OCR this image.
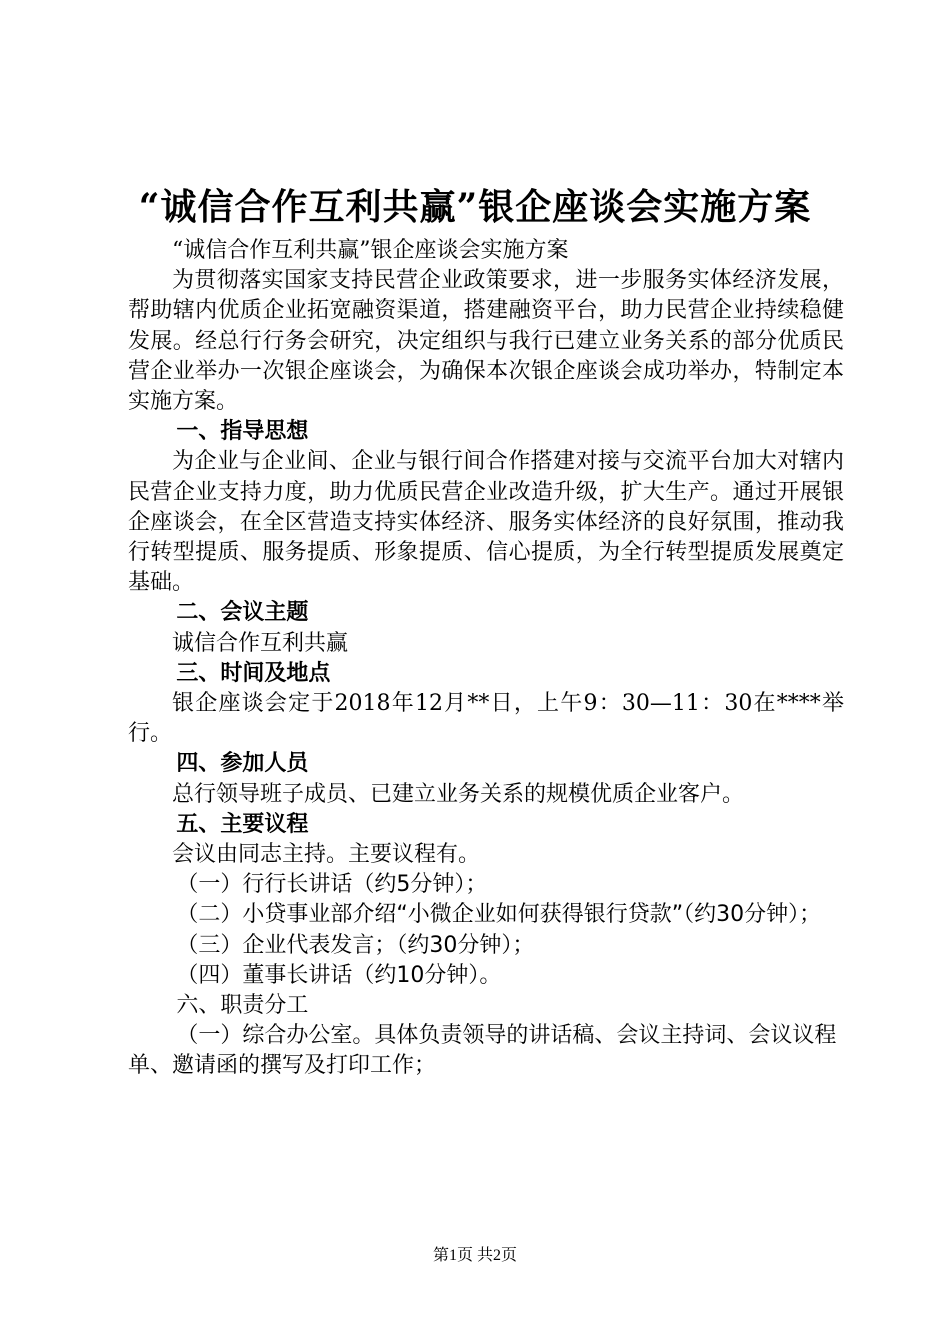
“诚信合作互利共赢”银企座谈会实施方案

“诚信合作互利共赢”银企座谈会实施方案

为贯彻落实国家支持民营企业政策要求，进一步服务实体经济发展，帮助辖内优质企业拓宽融资渠道，搭建融资平台，助力民营企业持续稳健发展。经总行行务会研究，决定组织与我行已建立业务关系的部分优质民营企业举办一次银企座谈会，为确保本次银企座谈会成功举办，特制定本实施方案。

一、指导思想

为企业与企业间、企业与银行间合作搭建对接与交流平台加大对辖内民营企业支持力度，助力优质民营企业改造升级，扩大生产。通过开展银企座谈会，在全区营造支持实体经济、服务实体经济的良好氛围，推动我行转型提质、服务提质、形象提质、信心提质，为全行转型提质发展奠定基础。

二、会议主题

诚信合作互利共赢

三、时间及地点

银企座谈会定于2018年12月**日，上午9：30—11：30在****举行。

四、参加人员

总行领导班子成员、已建立业务关系的规模优质企业客户。

五、主要议程

会议由同志主持。主要议程有。

（一）行行长讲话（约5分钟）；

（二）小贷事业部介绍“小微企业如何获得银行贷款”（约30分钟）；

（三）企业代表发言；（约30分钟）；

（四）董事长讲话（约10分钟）。

六、职责分工

（一）综合办公室。具体负责领导的讲话稿、会议主持词、会议议程单、邀请函的撰写及打印工作；

第1页 共2页
